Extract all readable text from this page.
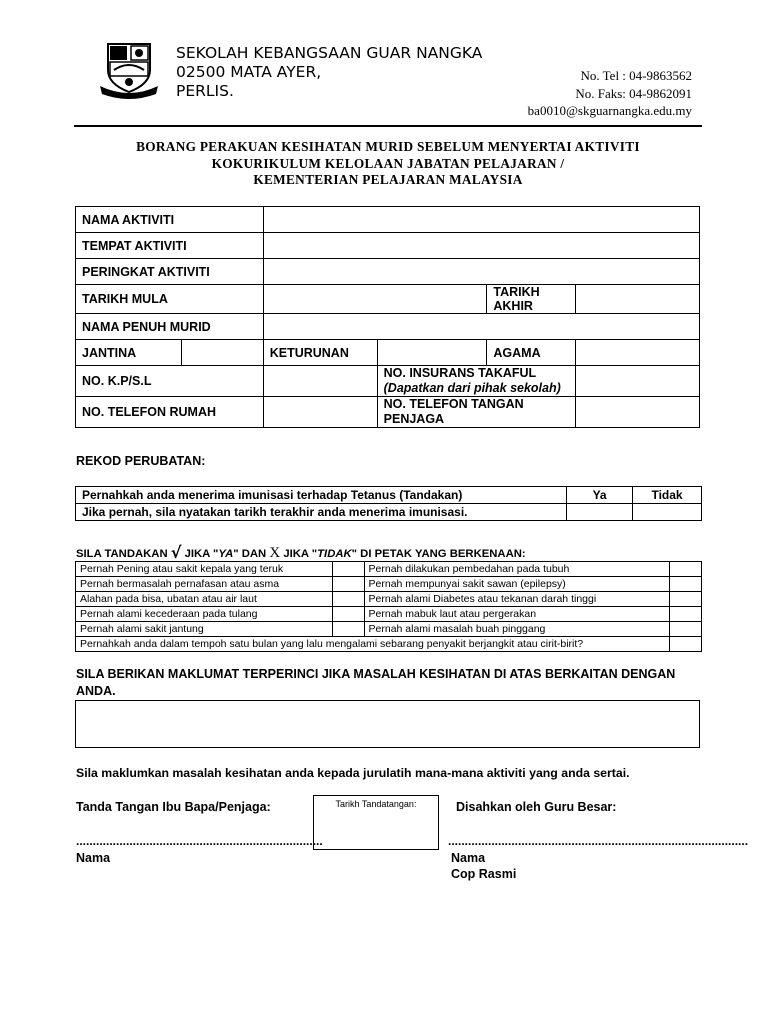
SEKOLAH KEBANGSAAN GUAR NANGKA
02500 MATA AYER,
PERLIS.
No. Tel : 04-9863562
No. Faks: 04-9862091
ba0010@skguarnangka.edu.my
BORANG PERAKUAN KESIHATAN MURID SEBELUM MENYERTAI AKTIVITI
KOKURIKULUM KELOLAAN JABATAN PELAJARAN /
KEMENTERIAN PELAJARAN MALAYSIA
NAMA AKTIVITI					
TEMPAT AKTIVITI					
PERINGKAT AKTIVITI					
TARIKH MULA				TARIKH AKHIR	
NAMA PENUH MURID					
JANTINA		KETURUNAN		AGAMA	
NO. K.P/S.L			NO. INSURANS TAKAFUL
(Dapatkan dari pihak sekolah)		

NO. TELEFON RUMAH			NO. TELEFON TANGAN PENJAGA		
REKOD PERUBATAN:
Pernahkah anda menerima imunisasi terhadap Tetanus (Tandakan)	Ya	Tidak
Jika pernah, sila nyatakan tarikh terakhir anda menerima imunisasi.		
SILA TANDAKAN √ JIKA "YA" DAN X JIKA "TIDAK" DI PETAK YANG BERKENAAN:
Pernah Pening atau sakit kepala yang teruk		Pernah dilakukan pembedahan pada tubuh	
Pernah bermasalah pernafasan atau asma		Pernah mempunyai sakit sawan (epilepsy)	
Alahan pada bisa, ubatan atau air laut		Pernah alami Diabetes atau tekanan darah tinggi	
Pernah alami kecederaan pada tulang		Pernah mabuk laut atau pergerakan	
Pernah alami sakit jantung		Pernah alami masalah buah pinggang	
Pernahkah anda dalam tempoh satu bulan yang lalu mengalami sebarang penyakit berjangkit atau cirit-birit?			
SILA BERIKAN MAKLUMAT TERPERINCI JIKA MASALAH KESIHATAN DI ATAS BERKAITAN DENGAN ANDA.
Sila maklumkan masalah kesihatan anda kepada jurulatih mana-mana aktiviti yang anda sertai.
Tanda Tangan Ibu Bapa/Penjaga:	Tarikh Tandatangan:	Disahkan oleh Guru Besar:
..........................................................................	..........................................................................................
Nama	Nama
Cop Rasmi
